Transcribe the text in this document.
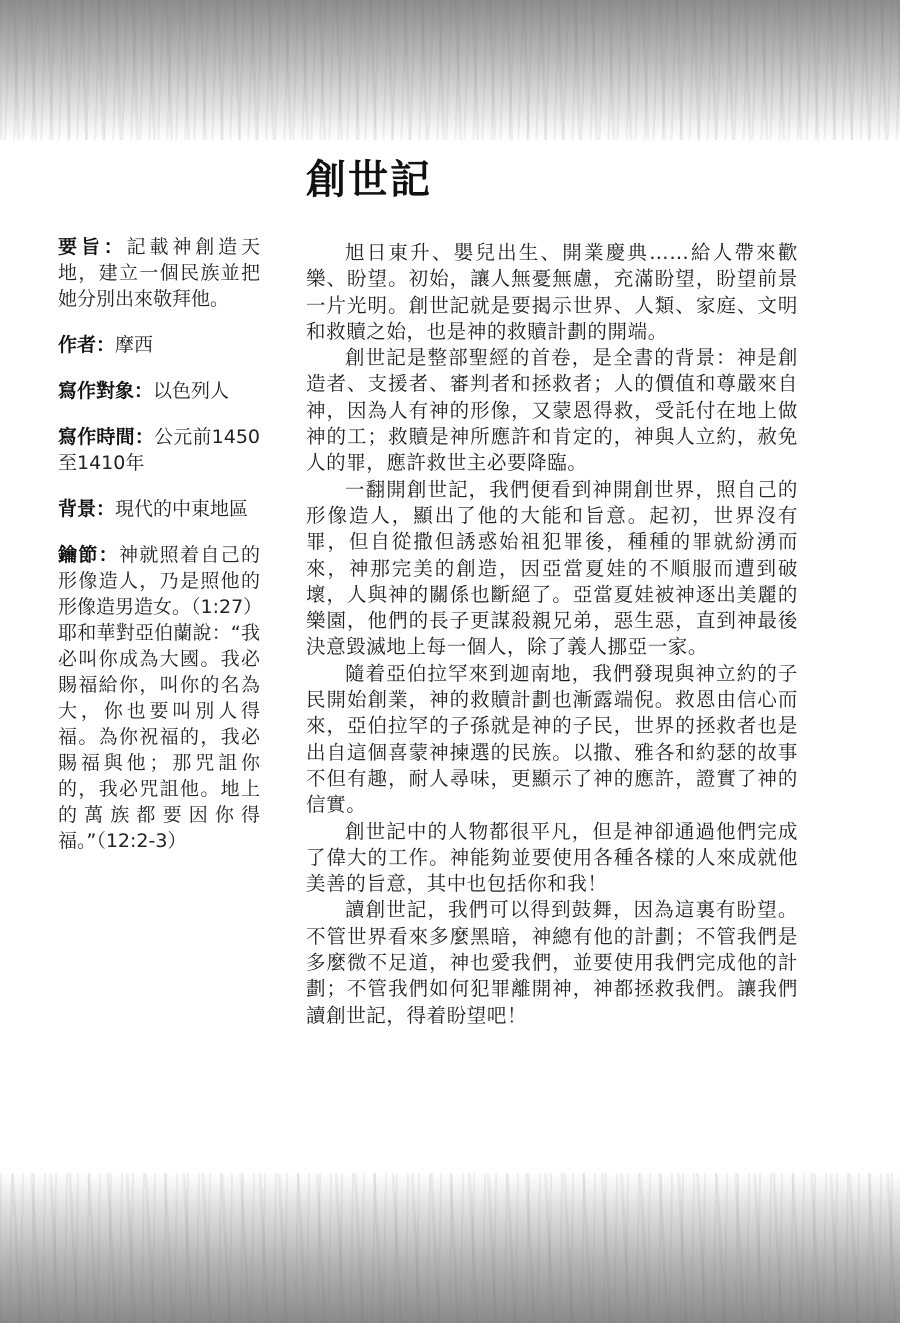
創世記
要旨：記載神創造天地，建立一個民族並把她分別出來敬拜他。
作者：摩西
寫作對象：以色列人
寫作時間：公元前1450至1410年
背景：現代的中東地區
鑰節：神就照着自己的形像造人，乃是照他的形像造男造女。（1:27）
耶和華對亞伯蘭說：“我必叫你成為大國。我必賜福給你，叫你的名為大，你也要叫別人得福。為你祝福的，我必賜福與他；那咒詛你的，我必咒詛他。地上的萬族都要因你得福。”（12:2-3）

旭日東升、嬰兒出生、開業慶典……給人帶來歡樂、盼望。初始，讓人無憂無慮，充滿盼望，盼望前景一片光明。創世記就是要揭示世界、人類、家庭、文明和救贖之始，也是神的救贖計劃的開端。

創世記是整部聖經的首卷，是全書的背景：神是創造者、支援者、審判者和拯救者；人的價值和尊嚴來自神，因為人有神的形像，又蒙恩得救，受託付在地上做神的工；救贖是神所應許和肯定的，神與人立約，赦免人的罪，應許救世主必要降臨。

一翻開創世記，我們便看到神開創世界，照自己的形像造人，顯出了他的大能和旨意。起初，世界沒有罪，但自從撒但誘惑始祖犯罪後，種種的罪就紛湧而來，神那完美的創造，因亞當夏娃的不順服而遭到破壞，人與神的關係也斷絕了。亞當夏娃被神逐出美麗的樂園，他們的長子更謀殺親兄弟，惡生惡，直到神最後決意毀滅地上每一個人，除了義人挪亞一家。

隨着亞伯拉罕來到迦南地，我們發現與神立約的子民開始創業，神的救贖計劃也漸露端倪。救恩由信心而來，亞伯拉罕的子孫就是神的子民，世界的拯救者也是出自這個喜蒙神揀選的民族。以撒、雅各和約瑟的故事不但有趣，耐人尋味，更顯示了神的應許，證實了神的信實。

創世記中的人物都很平凡，但是神卻通過他們完成了偉大的工作。神能夠並要使用各種各樣的人來成就他美善的旨意，其中也包括你和我！

讀創世記，我們可以得到鼓舞，因為這裏有盼望。不管世界看來多麼黑暗，神總有他的計劃；不管我們是多麼微不足道，神也愛我們，並要使用我們完成他的計劃；不管我們如何犯罪離開神，神都拯救我們。讓我們讀創世記，得着盼望吧！
